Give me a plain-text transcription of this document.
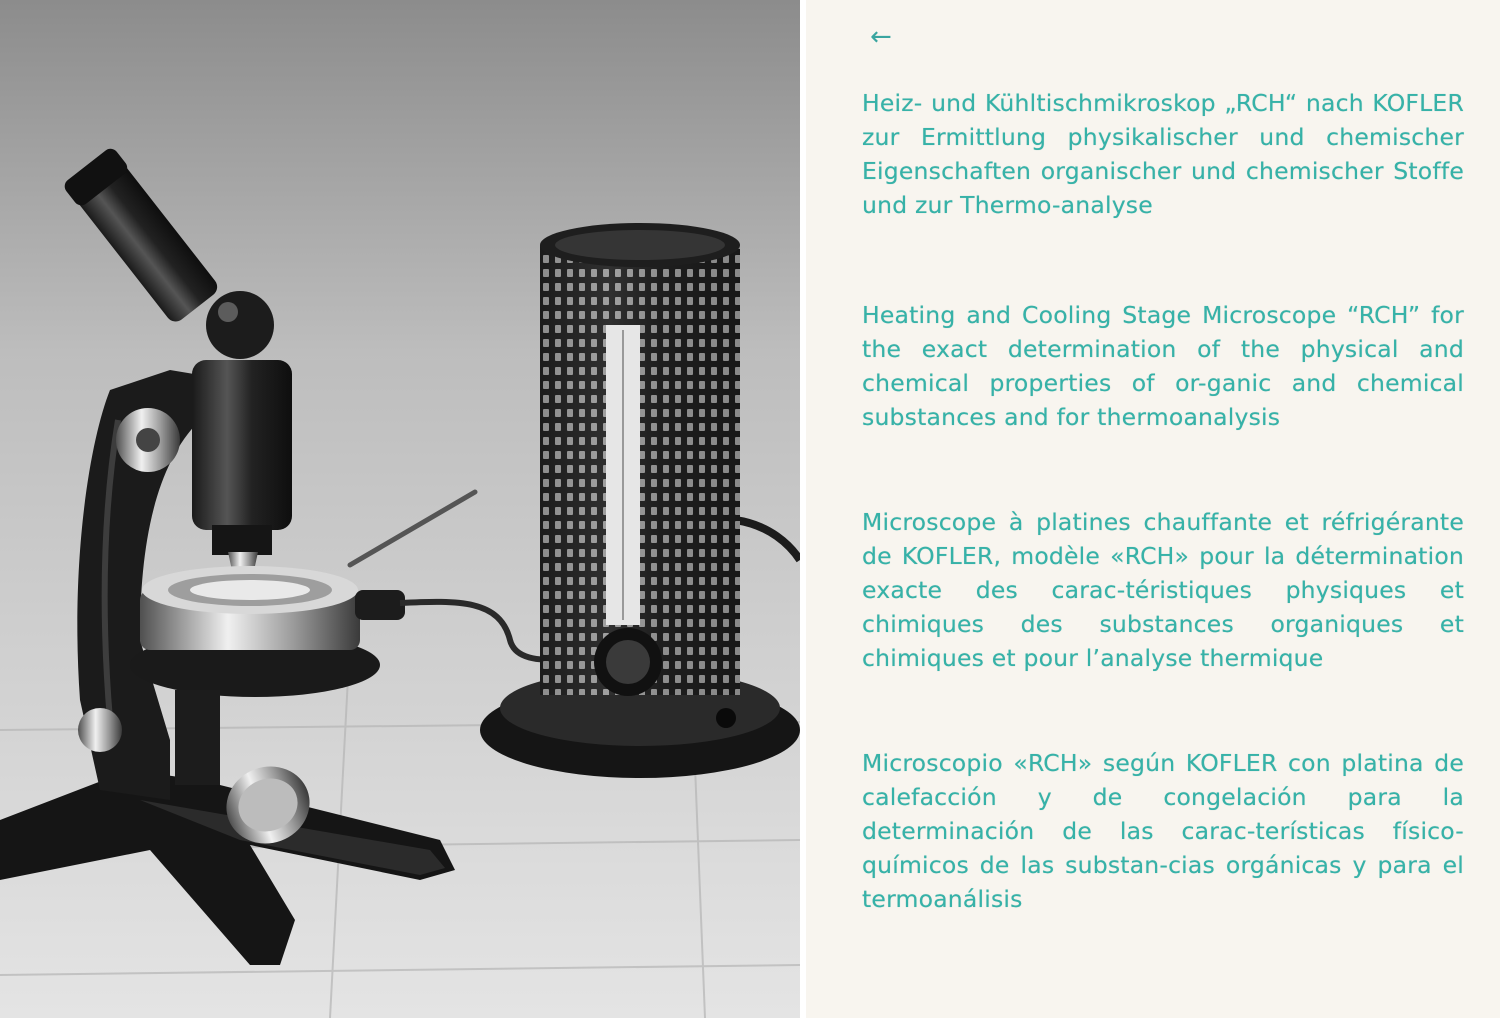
←
Heiz- und Kühltischmikroskop „RCH“ nach KOFLER zur Ermittlung physikalischer und chemischer Eigenschaften organischer und chemischer Stoffe und zur Thermo-analyse
Heating and Cooling Stage Microscope “RCH” for the exact determination of the physical and chemical properties of or-ganic and chemical substances and for thermoanalysis
Microscope à platines chauffante et réfrigérante de KOFLER, modèle «RCH» pour la détermination exacte des carac-téristiques physiques et chimiques des substances organiques et chimiques et pour l’analyse thermique
Microscopio «RCH» según KOFLER con platina de calefacción y de congelación para la determinación de las carac-terísticas físico-químicos de las substan-cias orgánicas y para el termoanálisis
